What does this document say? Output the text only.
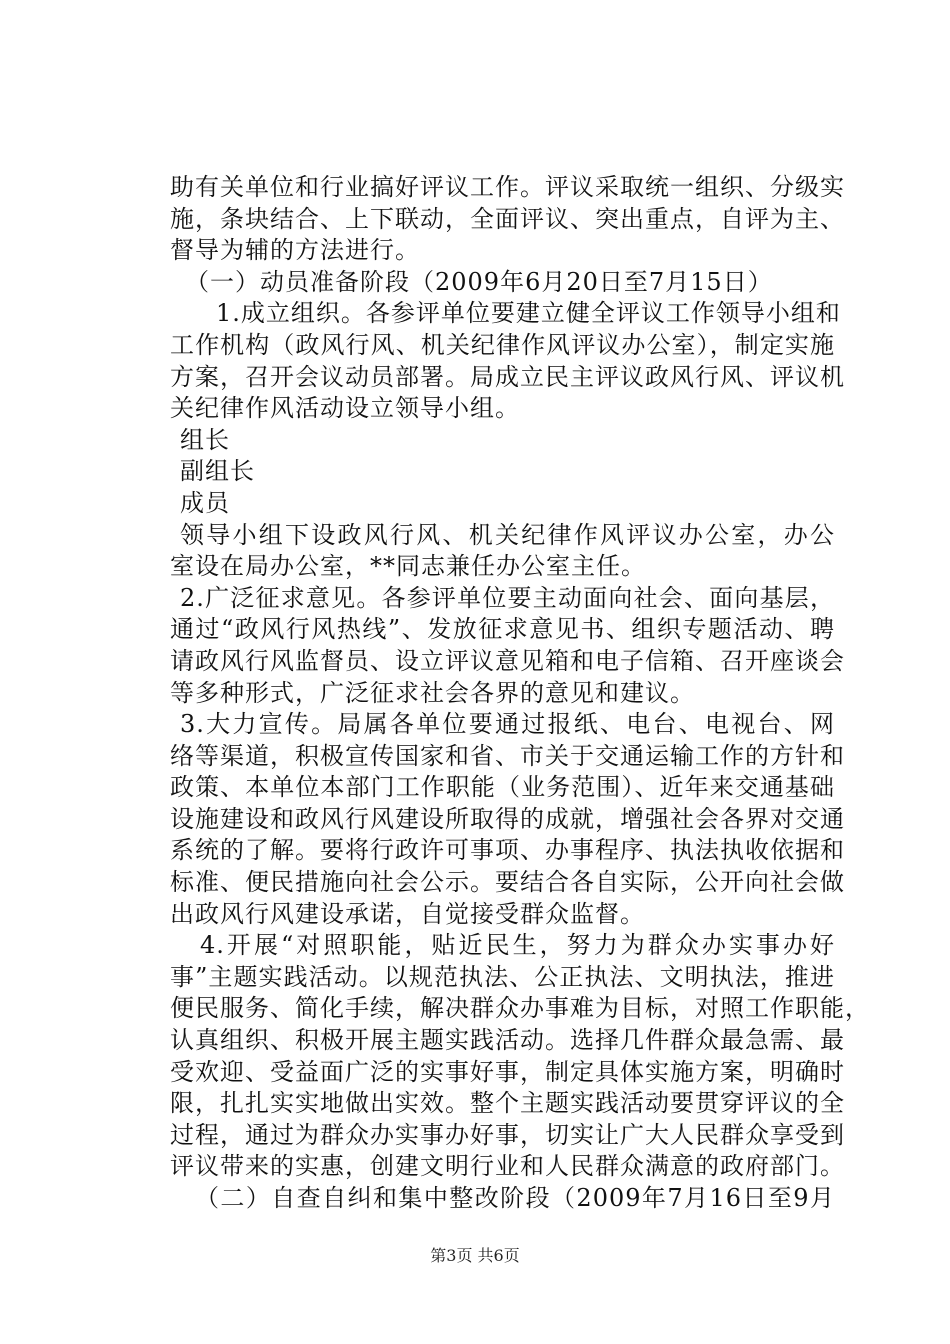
助有关单位和行业搞好评议工作。评议采取统一组织、分级实
施，条块结合、上下联动，全面评议、突出重点，自评为主、
督导为辅的方法进行。
（一）动员准备阶段（2009年6月20日至7月15日）
1.成立组织。各参评单位要建立健全评议工作领导小组和
工作机构（政风行风、机关纪律作风评议办公室），制定实施
方案，召开会议动员部署。局成立民主评议政风行风、评议机
关纪律作风活动设立领导小组。
组长
副组长
成员
领导小组下设政风行风、机关纪律作风评议办公室，办公
室设在局办公室，**同志兼任办公室主任。
2.广泛征求意见。各参评单位要主动面向社会、面向基层，
通过“政风行风热线”、发放征求意见书、组织专题活动、聘
请政风行风监督员、设立评议意见箱和电子信箱、召开座谈会
等多种形式，广泛征求社会各界的意见和建议。
3.大力宣传。局属各单位要通过报纸、电台、电视台、网
络等渠道，积极宣传国家和省、市关于交通运输工作的方针和
政策、本单位本部门工作职能（业务范围）、近年来交通基础
设施建设和政风行风建设所取得的成就，增强社会各界对交通
系统的了解。要将行政许可事项、办事程序、执法执收依据和
标准、便民措施向社会公示。要结合各自实际，公开向社会做
出政风行风建设承诺，自觉接受群众监督。
4.开展“对照职能，贴近民生，努力为群众办实事办好
事”主题实践活动。以规范执法、公正执法、文明执法，推进
便民服务、简化手续，解决群众办事难为目标，对照工作职能，
认真组织、积极开展主题实践活动。选择几件群众最急需、最
受欢迎、受益面广泛的实事好事，制定具体实施方案，明确时
限，扎扎实实地做出实效。整个主题实践活动要贯穿评议的全
过程，通过为群众办实事办好事，切实让广大人民群众享受到
评议带来的实惠，创建文明行业和人民群众满意的政府部门。
（二）自查自纠和集中整改阶段（2009年7月16日至9月
第3页 共6页
